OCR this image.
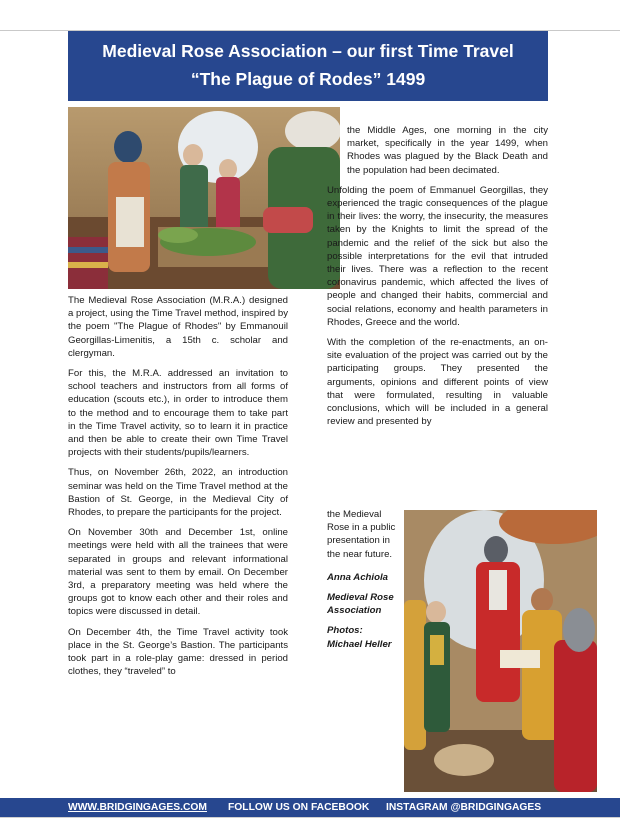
Medieval Rose Association – our first Time Travel
“The Plague of Rodes” 1499

The Medieval Rose Association (M.R.A.) designed a project, using the Time Travel method, inspired by the poem "The Plague of Rhodes" by Emmanouil Georgillas-Limenitis, a 15th c. scholar and clergyman.

For this, the M.R.A. addressed an invitation to school teachers and instructors from all forms of education (scouts etc.), in order to introduce them to the method and to encourage them to take part in the Time Travel activity, so to learn it in practice and then be able to create their own Time Travel projects with their students/pupils/learners.

Thus, on November 26th, 2022, an introduction seminar was held on the Time Travel method at the Bastion of St. George, in the Medieval City of Rhodes, to prepare the participants for the project.

On November 30th and December 1st, online meetings were held with all the trainees that were separated in groups and relevant informational material was sent to them by email. On December 3rd, a preparatory meeting was held where the groups got to know each other and their roles and topics were discussed in detail.

On December 4th, the Time Travel activity took place in the St. George’s Bastion. The participants took part in a role-play game: dressed in period clothes, they “traveled” to

the Middle Ages, one morning in the city market, specifically in the year 1499, when Rhodes was plagued by the Black Death and the population had been decimated.

Unfolding the poem of Emmanuel Georgillas, they experienced the tragic consequences of the plague in their lives: the worry, the insecurity, the measures taken by the Knights to limit the spread of the pandemic and the relief of the sick but also the possible interpretations for the evil that intruded their lives. There was a reflection to the recent coronavirus pandemic, which affected the lives of people and changed their habits, commercial and social relations, economy and health parameters in Rhodes, Greece and the world.

With the completion of the re-enactments, an on-site evaluation of the project was carried out by the participating groups. They presented the arguments, opinions and different points of view that were formulated, resulting in valuable conclusions, which will be included in a general review and presented by

the Medieval Rose in a public presentation in the near future.

Anna Achiola
Medieval Rose Association
Photos: Michael Heller
WWW.BRIDGINGAGES.COM FOLLOW US ON FACEBOOK INSTAGRAM @BRIDGINGAGES
